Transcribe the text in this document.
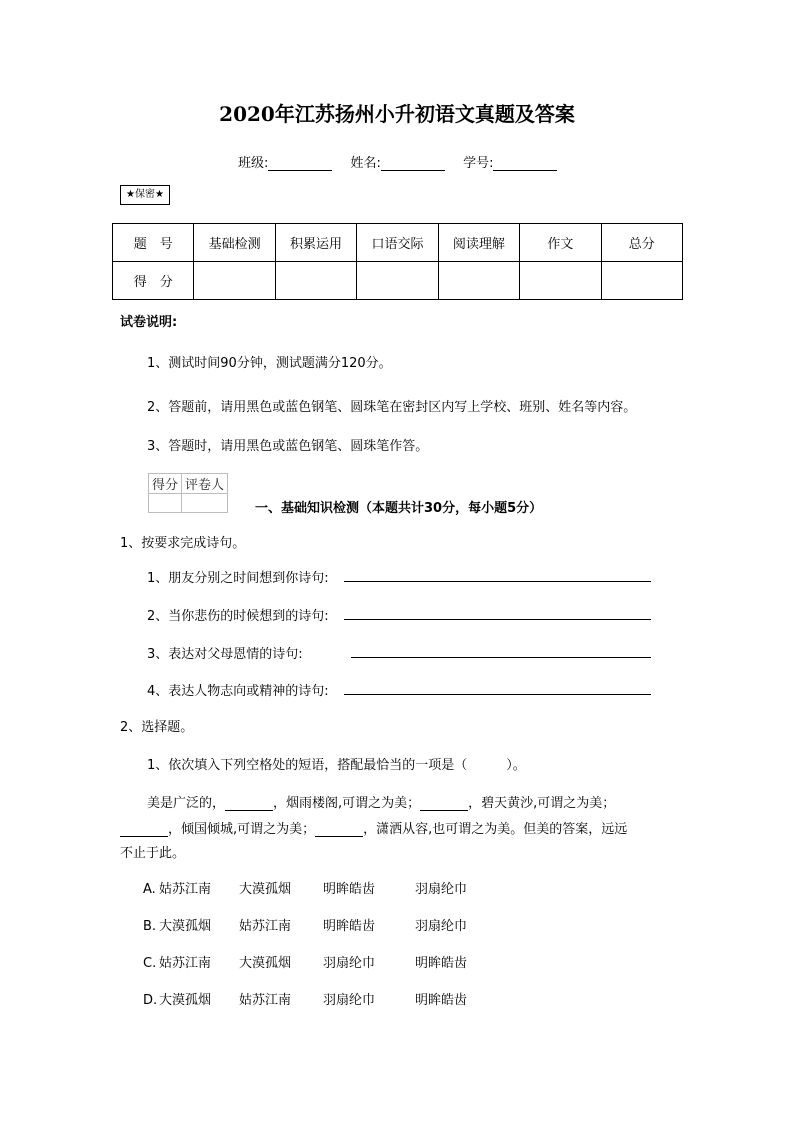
2020年江苏扬州小升初语文真题及答案
班级:	姓名:	学号:
★保密★
题　号	基础检测	积累运用	口语交际	阅读理解	作文	总分
得　分						
试卷说明:
1、测试时间90分钟，测试题满分120分。
2、答题前，请用黑色或蓝色钢笔、圆珠笔在密封区内写上学校、班别、姓名等内容。
3、答题时，请用黑色或蓝色钢笔、圆珠笔作答。
得分	评卷人

一、基础知识检测（本题共计30分，每小题5分）
1、按要求完成诗句。
1、朋友分别之时间想到你诗句:
2、当你悲伤的时候想到的诗句:
3、表达对父母恩情的诗句:
4、表达人物志向或精神的诗句:
2、选择题。
1、依次填入下列空格处的短语，搭配最恰当的一项是（　　　）。
美是广泛的，	，烟雨楼阁,可谓之为美；	，碧天黄沙,可谓之为美；
，倾国倾城,可谓之为美；	，潇洒从容,也可谓之为美。但美的答案，远远
不止于此。
A. 姑苏江南 大漠孤烟 明眸皓齿	羽扇纶巾
B. 大漠孤烟 姑苏江南 明眸皓齿	羽扇纶巾
C. 姑苏江南 大漠孤烟 羽扇纶巾	明眸皓齿
D. 大漠孤烟 姑苏江南 羽扇纶巾	明眸皓齿
